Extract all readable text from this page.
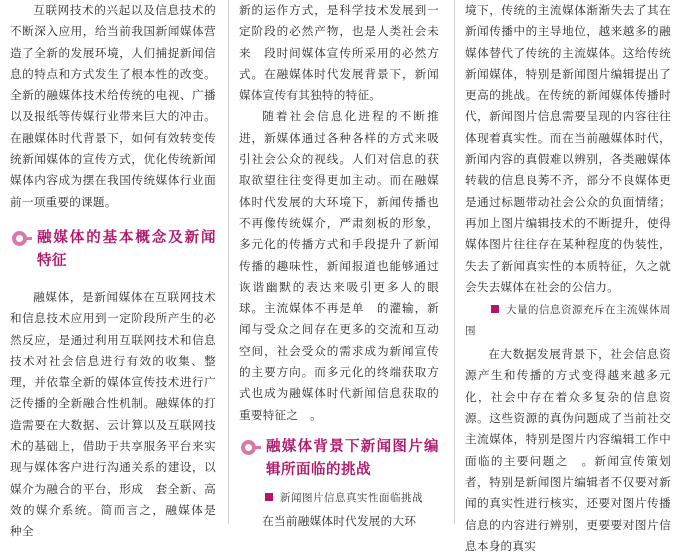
互联网技术的兴起以及信息技术的不断深入应用，给当前我国新闻媒体营造了全新的发展环境，人们捕捉新闻信息的特点和方式发生了根本性的改变。全新的融媒体技术给传统的电视、广播以及报纸等传媒行业带来巨大的冲击。在融媒体时代背景下，如何有效转变传统新闻媒体的宣传方式，优化传统新闻媒体内容成为摆在我国传统媒体行业面前一项重要的课题。

融媒体的基本概念及新闻特征

融媒体，是新闻媒体在互联网技术和信息技术应用到一定阶段所产生的必然反应，是通过利用互联网技术和信息技术对社会信息进行有效的收集、整理，并依靠全新的媒体宣传技术进行广泛传播的全新融合性机制。融媒体的打造需要在大数据、云计算以及互联网技术的基础上，借助于共享服务平台来实现与媒体客户进行沟通关系的建设，以媒介为融合的平台，形成　套全新、高效的媒介系统。简而言之，融媒体是　种全

新的运作方式，是科学技术发展到一定阶段的必然产物，也是人类社会未来　段时间媒体宣传所采用的必然方式。在融媒体时代发展背景下，新闻媒体宣传有其独特的特征。

随着社会信息化进程的不断推进，新媒体通过各种各样的方式来吸引社会公众的视线。人们对信息的获取欲望往往变得更加主动。而在融媒体时代发展的大环境下，新闻传播也不再像传统媒介，严肃刻板的形象，多元化的传播方式和手段提升了新闻传播的趣味性，新闻报道也能够通过诙谐幽默的表达来吸引更多人的眼球。主流媒体不再是单　的灌输，新闻与受众之间存在更多的交流和互动空间，社会受众的需求成为新闻宣传的主要方向。而多元化的终端获取方式也成为融媒体时代新闻信息获取的重要特征之　。

融媒体背景下新闻图片编辑所面临的挑战
新闻图片信息真实性面临挑战

在当前融媒体时代发展的大环

境下，传统的主流媒体渐渐失去了其在新闻传播中的主导地位，越来越多的融媒体替代了传统的主流媒体。这给传统新闻媒体，特别是新闻图片编辑提出了更高的挑战。在传统的新闻媒体传播时代，新闻图片信息需要呈现的内容往往体现着真实性。而在当前融媒体时代，新闻内容的真假难以辨别，各类融媒体转载的信息良莠不齐，部分不良媒体更是通过标题带动社会公众的负面情绪；再加上图片编辑技术的不断提升，使得媒体图片往往存在某种程度的伪装性，失去了新闻真实性的本质特征，久之就会失去媒体在社会的公信力。

大量的信息资源充斥在主流媒体周围

在大数据发展背景下，社会信息资源产生和传播的方式变得越来越多元化，社会中存在着众多复杂的信息资源。这些资源的真伪问题成了当前社交主流媒体，特别是图片内容编辑工作中面临的主要问题之　。新闻宣传策划者，特别是新闻图片编辑者不仅要对新闻的真实性进行核实，还要对图片传播信息的内容进行辨别，更要要对图片信息本身的真实
